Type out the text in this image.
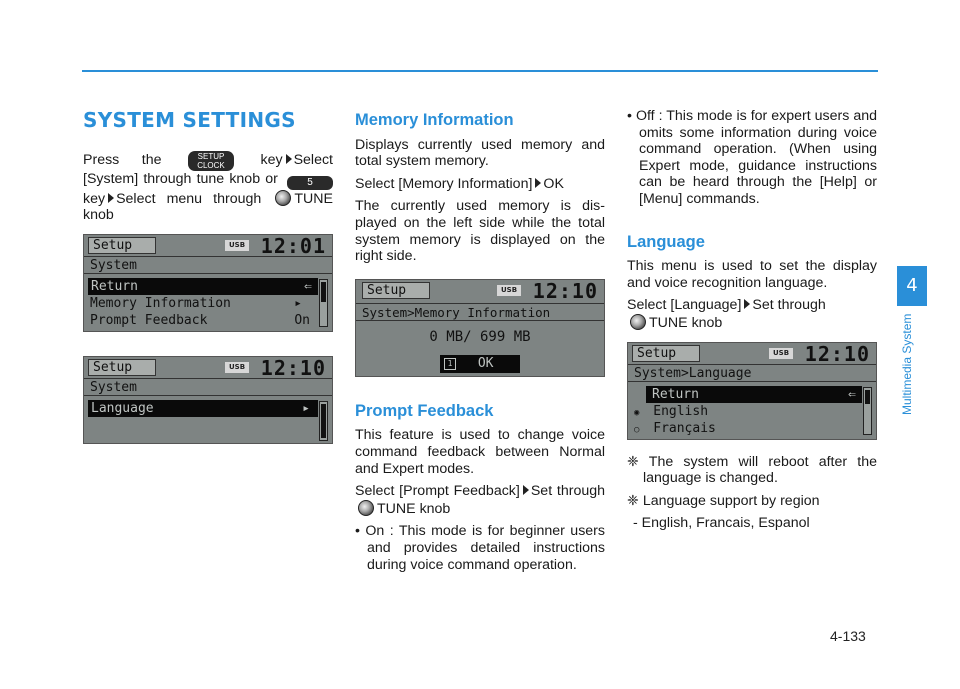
SYSTEM SETTINGS

Press the	SETUP
CLOCK	key Select [System] through tune knob or	5 key Select menu through TUNE knob

Setup	USB 12:01
System
Return	⇐
Memory Information	▸
Prompt Feedback	On
Setup	USB 12:10
System
Language	▸
Memory Information

Displays currently used memory and total system memory.

Select [Memory Information] OK

The currently used memory is dis-played on the left side while the total system memory is displayed on the right side.

Setup	USB 12:10
System>Memory Information
0 MB/ 699 MB
1 OK
Prompt Feedback

This feature is used to change voice command feedback between Normal and Expert modes.

Select [Prompt Feedback] Set throughTUNE knob

• On : This mode is for beginner users and provides detailed instructions during voice command operation.
• Off : This mode is for expert users and omits some information during voice command operation. (When using Expert mode, guidance instructions can be heard through the [Help] or [Menu] commands.
Language

This menu is used to set the display and voice recognition language.

Select [Language] Set through
TUNE knob

Setup	USB 12:10
System>Language
Return	⇐
◉ English
○ Français

❈ The system will reboot after the language is changed.

❈ Language support by region

- English, Francais, Espanol

4
Multimedia System
4-133
